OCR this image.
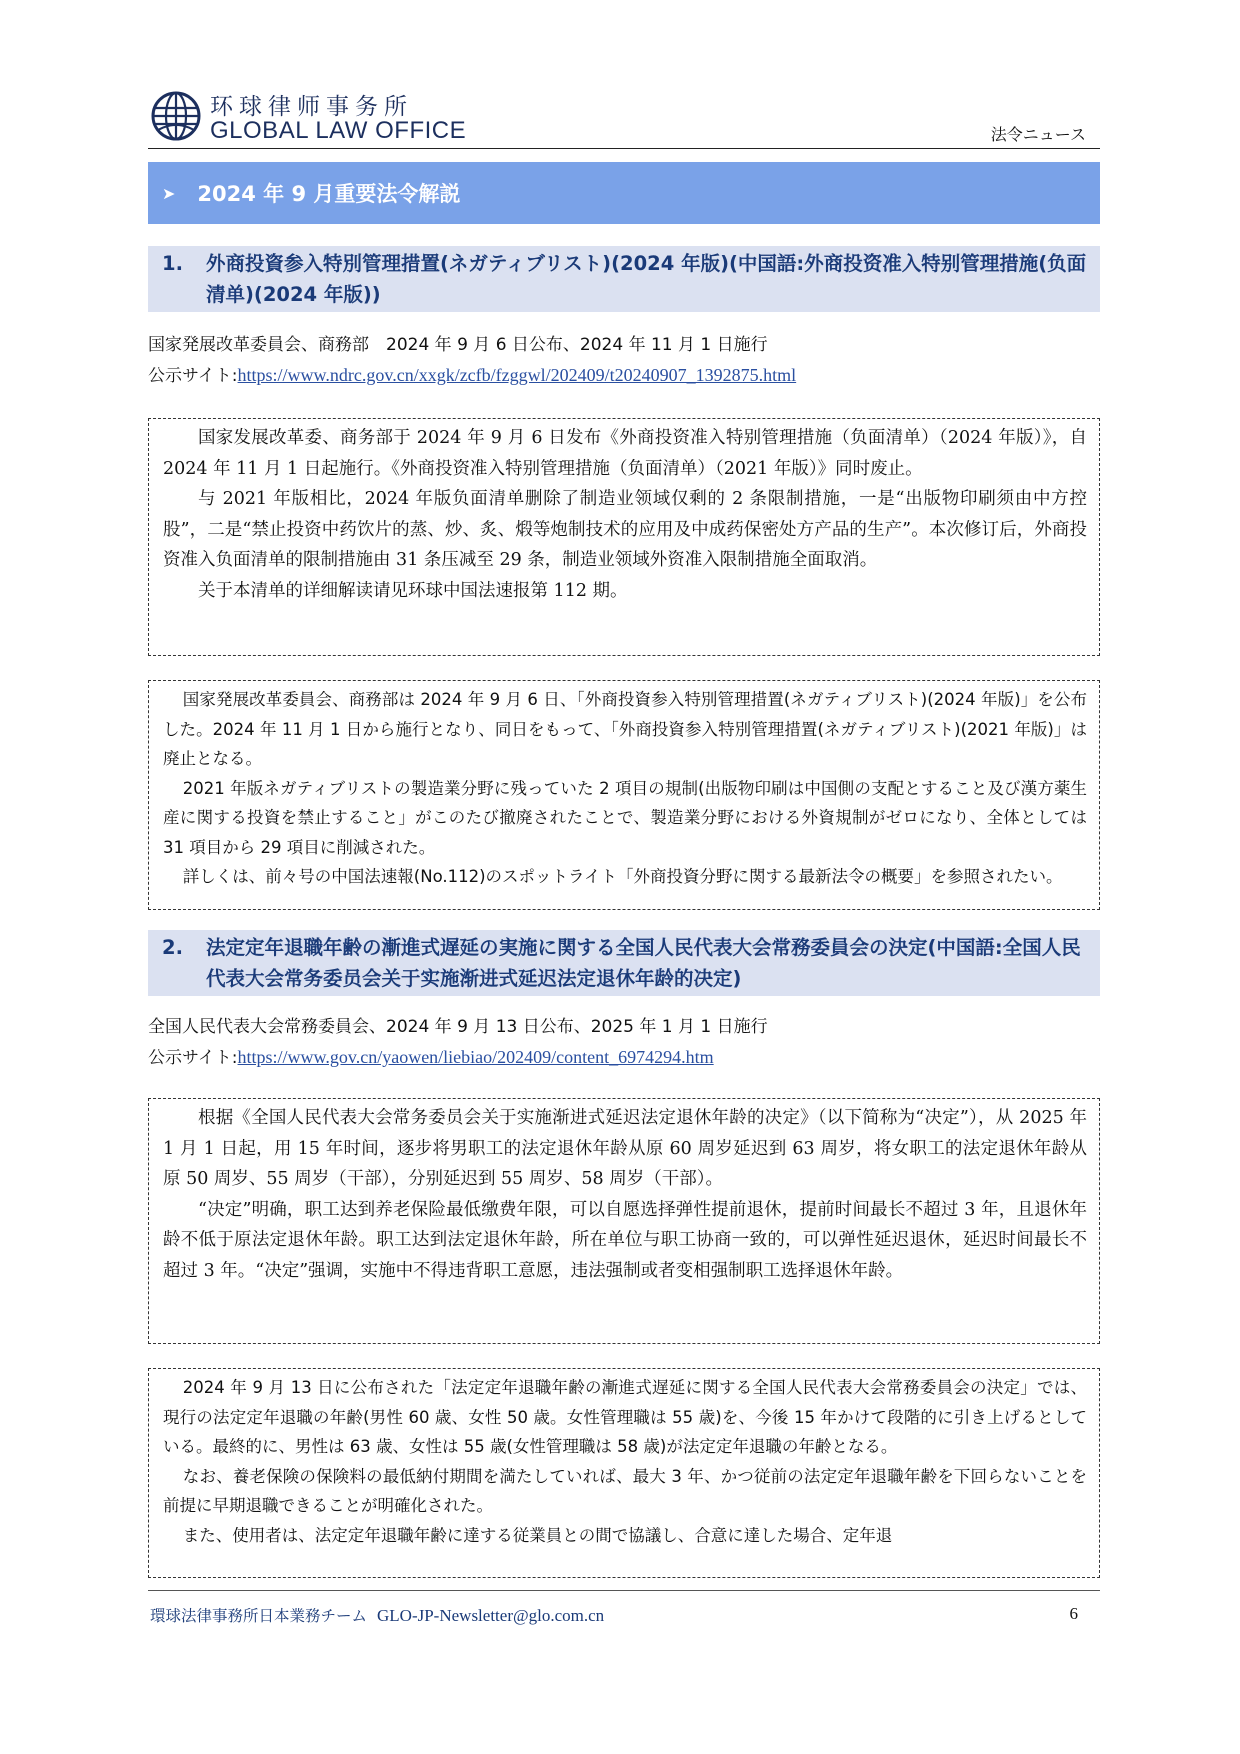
环球律师事务所
GLOBAL LAW OFFICE	法令ニュース
➤ 2024 年 9 月重要法令解説
1. 外商投資参入特別管理措置(ネガティブリスト)(2024 年版)(中国語:外商投资准入特别管理措施(负面清单)(2024 年版))
国家発展改革委員会、商務部　2024 年 9 月 6 日公布、2024 年 11 月 1 日施行
公示サイト:https://www.ndrc.gov.cn/xxgk/zcfb/fzggwl/202409/t20240907_1392875.html

国家发展改革委、商务部于 2024 年 9 月 6 日发布《外商投资准入特别管理措施（负面清单）（2024 年版）》，自 2024 年 11 月 1 日起施行。《外商投资准入特别管理措施（负面清单）（2021 年版）》同时废止。

与 2021 年版相比，2024 年版负面清单删除了制造业领域仅剩的 2 条限制措施，一是“出版物印刷须由中方控股”，二是“禁止投资中药饮片的蒸、炒、炙、煅等炮制技术的应用及中成药保密处方产品的生产”。本次修订后，外商投资准入负面清单的限制措施由 31 条压减至 29 条，制造业领域外资准入限制措施全面取消。

关于本清单的详细解读请见环球中国法速报第 112 期。

国家発展改革委員会、商務部は 2024 年 9 月 6 日、「外商投資参入特別管理措置(ネガティブリスト)(2024 年版)」を公布した。2024 年 11 月 1 日から施行となり、同日をもって、「外商投資参入特別管理措置(ネガティブリスト)(2021 年版)」は廃止となる。

2021 年版ネガティブリストの製造業分野に残っていた 2 項目の規制(出版物印刷は中国側の支配とすること及び漢方薬生産に関する投資を禁止すること」がこのたび撤廃されたことで、製造業分野における外資規制がゼロになり、全体としては 31 項目から 29 項目に削減された。

詳しくは、前々号の中国法速報(No.112)のスポットライト「外商投資分野に関する最新法令の概要」を参照されたい。

2. 法定定年退職年齢の漸進式遅延の実施に関する全国人民代表大会常務委員会の決定(中国語:全国人民代表大会常务委员会关于实施渐进式延迟法定退休年龄的决定)
全国人民代表大会常務委員会、2024 年 9 月 13 日公布、2025 年 1 月 1 日施行
公示サイト:https://www.gov.cn/yaowen/liebiao/202409/content_6974294.htm

根据《全国人民代表大会常务委员会关于实施渐进式延迟法定退休年龄的决定》（以下简称为“决定”），从 2025 年 1 月 1 日起，用 15 年时间，逐步将男职工的法定退休年龄从原 60 周岁延迟到 63 周岁，将女职工的法定退休年龄从原 50 周岁、55 周岁（干部），分别延迟到 55 周岁、58 周岁（干部）。

“决定”明确，职工达到养老保险最低缴费年限，可以自愿选择弹性提前退休，提前时间最长不超过 3 年，且退休年龄不低于原法定退休年龄。职工达到法定退休年龄，所在单位与职工协商一致的，可以弹性延迟退休，延迟时间最长不超过 3 年。“决定”强调，实施中不得违背职工意愿，违法强制或者变相强制职工选择退休年龄。

2024 年 9 月 13 日に公布された「法定定年退職年齢の漸進式遅延に関する全国人民代表大会常務委員会の決定」では、現行の法定定年退職の年齢(男性 60 歳、女性 50 歳。女性管理職は 55 歳)を、今後 15 年かけて段階的に引き上げるとしている。最終的に、男性は 63 歳、女性は 55 歳(女性管理職は 58 歳)が法定定年退職の年齢となる。

なお、養老保険の保険料の最低納付期間を満たしていれば、最大 3 年、かつ従前の法定定年退職年齢を下回らないことを前提に早期退職できることが明確化された。

また、使用者は、法定定年退職年齢に達する従業員との間で協議し、合意に達した場合、定年退

環球法律事務所日本業務チーム GLO-JP-Newsletter@glo.com.cn	6
